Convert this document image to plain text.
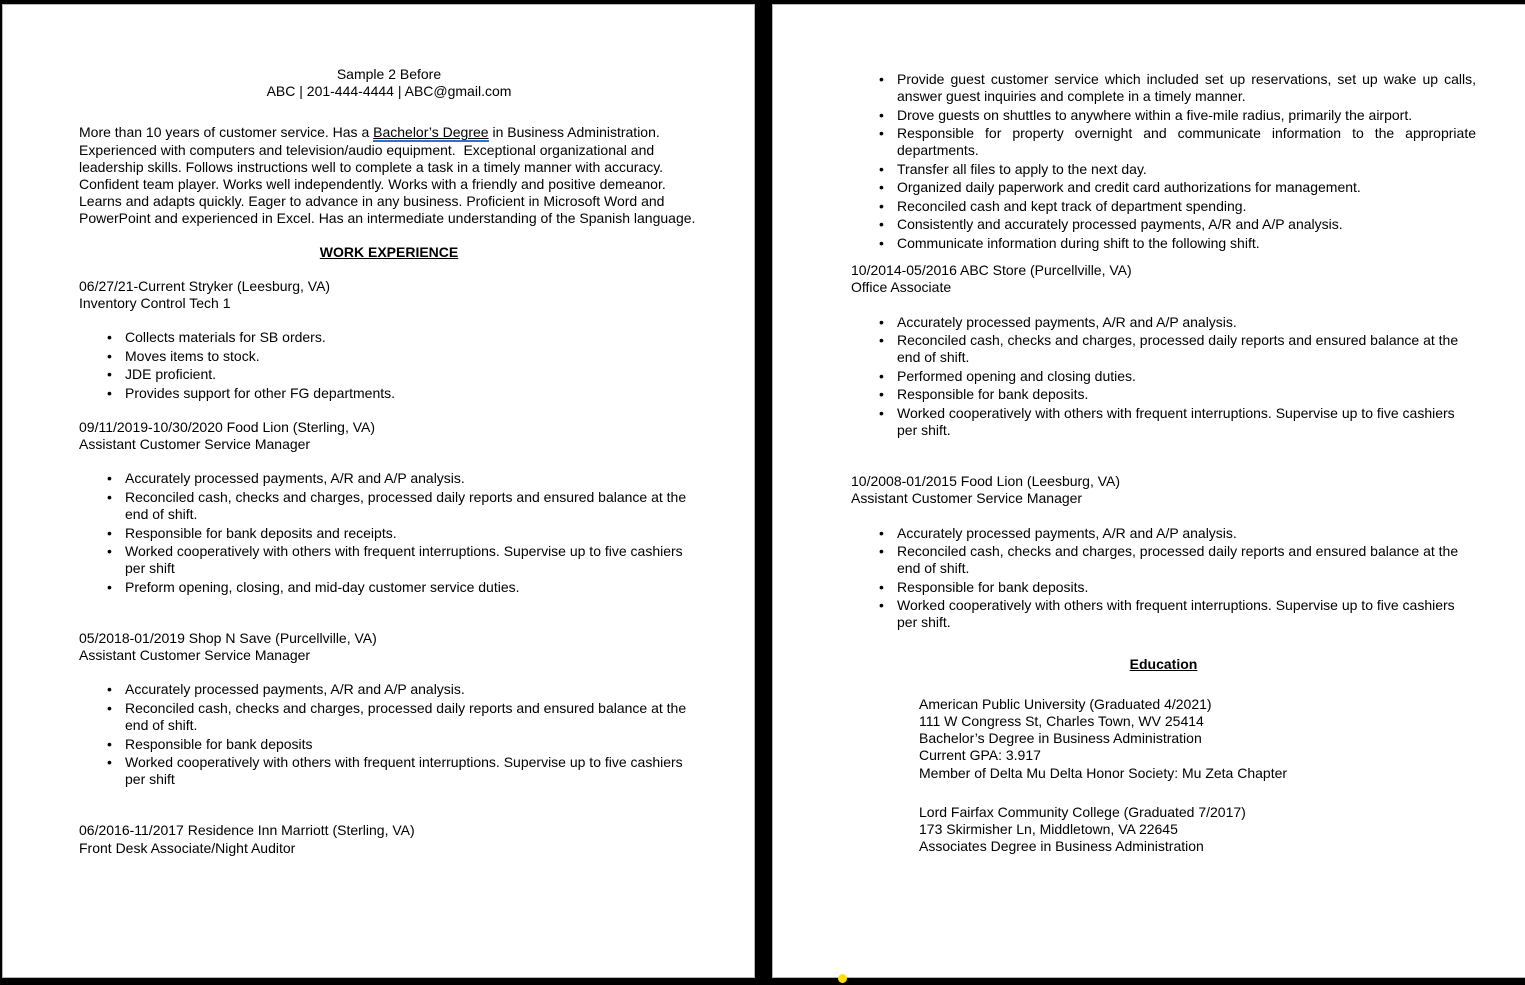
Sample 2 Before
ABC | 201-444-4444 | ABC@gmail.com

More than 10 years of customer service. Has a Bachelor’s Degree in Business Administration. Experienced with computers and television/audio equipment.  Exceptional organizational and leadership skills. Follows instructions well to complete a task in a timely manner with accuracy. Confident team player. Works well independently. Works with a friendly and positive demeanor. Learns and adapts quickly. Eager to advance in any business. Proficient in Microsoft Word and PowerPoint and experienced in Excel. Has an intermediate understanding of the Spanish language.

WORK EXPERIENCE
06/27/21-Current Stryker (Leesburg, VA)
Inventory Control Tech 1
• Collects materials for SB orders.
• Moves items to stock.
• JDE proficient.
• Provides support for other FG departments.
09/11/2019-10/30/2020 Food Lion (Sterling, VA)
Assistant Customer Service Manager
• Accurately processed payments, A/R and A/P analysis.
• Reconciled cash, checks and charges, processed daily reports and ensured balance at the end of shift.
• Responsible for bank deposits and receipts.
• Worked cooperatively with others with frequent interruptions. Supervise up to five cashiers per shift
• Preform opening, closing, and mid-day customer service duties.
05/2018-01/2019 Shop N Save (Purcellville, VA)
Assistant Customer Service Manager
• Accurately processed payments, A/R and A/P analysis.
• Reconciled cash, checks and charges, processed daily reports and ensured balance at the end of shift.
• Responsible for bank deposits
• Worked cooperatively with others with frequent interruptions. Supervise up to five cashiers per shift
06/2016-11/2017 Residence Inn Marriott (Sterling, VA)
Front Desk Associate/Night Auditor
• Provide guest customer service which included set up reservations, set up wake up calls, answer guest inquiries and complete in a timely manner.
• Drove guests on shuttles to anywhere within a five-mile radius, primarily the airport.
• Responsible for property overnight and communicate information to the appropriate departments.
• Transfer all files to apply to the next day.
• Organized daily paperwork and credit card authorizations for management.
• Reconciled cash and kept track of department spending.
• Consistently and accurately processed payments, A/R and A/P analysis.
• Communicate information during shift to the following shift.
10/2014-05/2016 ABC Store (Purcellville, VA)
Office Associate
• Accurately processed payments, A/R and A/P analysis.
• Reconciled cash, checks and charges, processed daily reports and ensured balance at the end of shift.
• Performed opening and closing duties.
• Responsible for bank deposits.
• Worked cooperatively with others with frequent interruptions. Supervise up to five cashiers per shift.
10/2008-01/2015 Food Lion (Leesburg, VA)
Assistant Customer Service Manager
• Accurately processed payments, A/R and A/P analysis.
• Reconciled cash, checks and charges, processed daily reports and ensured balance at the end of shift.
• Responsible for bank deposits.
• Worked cooperatively with others with frequent interruptions. Supervise up to five cashiers per shift.
Education
American Public University (Graduated 4/2021)
111 W Congress St, Charles Town, WV 25414
Bachelor’s Degree in Business Administration
Current GPA: 3.917
Member of Delta Mu Delta Honor Society: Mu Zeta Chapter
Lord Fairfax Community College (Graduated 7/2017)
173 Skirmisher Ln, Middletown, VA 22645
Associates Degree in Business Administration
